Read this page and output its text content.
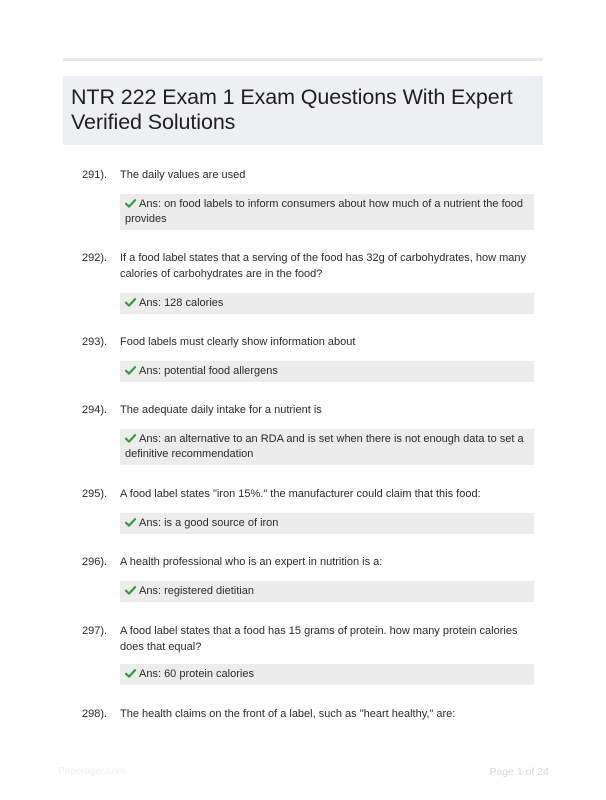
NTR 222 Exam 1 Exam Questions With Expert
Verified Solutions
291). The daily values are used
Ans: on food labels to inform consumers about how much of a nutrient the food provides
292). If a food label states that a serving of the food has 32g of carbohydrates, how many calories of carbohydrates are in the food?
Ans: 128 calories
293). Food labels must clearly show information about
Ans: potential food allergens
294). The adequate daily intake for a nutrient is
Ans: an alternative to an RDA and is set when there is not enough data to set a definitive recommendation
295). A food label states "iron 15%." the manufacturer could claim that this food:
Ans: is a good source of iron
296). A health professional who is an expert in nutrition is a:
Ans: registered dietitian
297). A food label states that a food has 15 grams of protein. how many protein calories does that equal?
Ans: 60 protein calories
298). The health claims on the front of a label, such as "heart healthy," are:
Papertiger.com	Page 1 of 24
